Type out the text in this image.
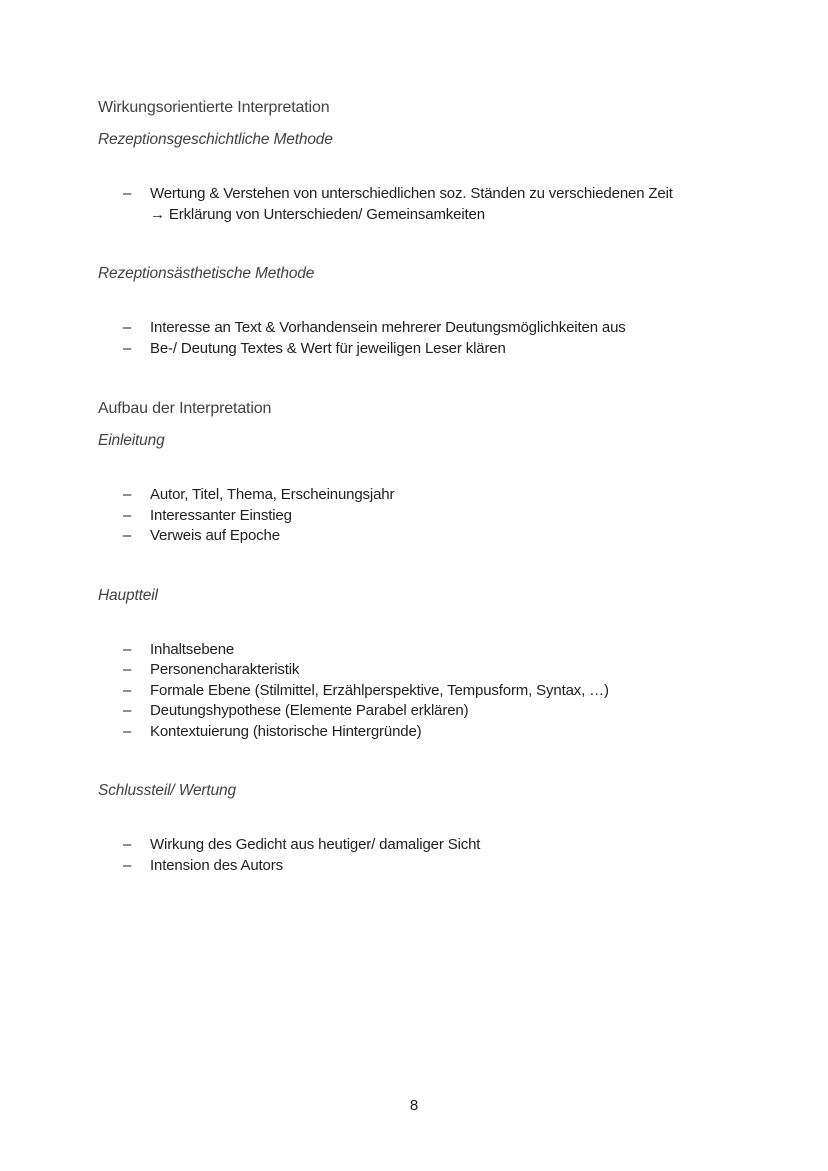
Wirkungsorientierte Interpretation
Rezeptionsgeschichtliche Methode
– Wertung & Verstehen von unterschiedlichen soz. Ständen zu verschiedenen Zeit
→ Erklärung von Unterschieden/ Gemeinsamkeiten
Rezeptionsästhetische Methode
– Interesse an Text & Vorhandensein mehrerer Deutungsmöglichkeiten aus
– Be-/ Deutung Textes & Wert für jeweiligen Leser klären
Aufbau der Interpretation
Einleitung
– Autor, Titel, Thema, Erscheinungsjahr
– Interessanter Einstieg
– Verweis auf Epoche
Hauptteil
– Inhaltsebene
– Personencharakteristik
– Formale Ebene (Stilmittel, Erzählperspektive, Tempusform, Syntax, …)
– Deutungshypothese (Elemente Parabel erklären)
– Kontextuierung (historische Hintergründe)
Schlussteil/ Wertung
– Wirkung des Gedicht aus heutiger/ damaliger Sicht
– Intension des Autors
8
